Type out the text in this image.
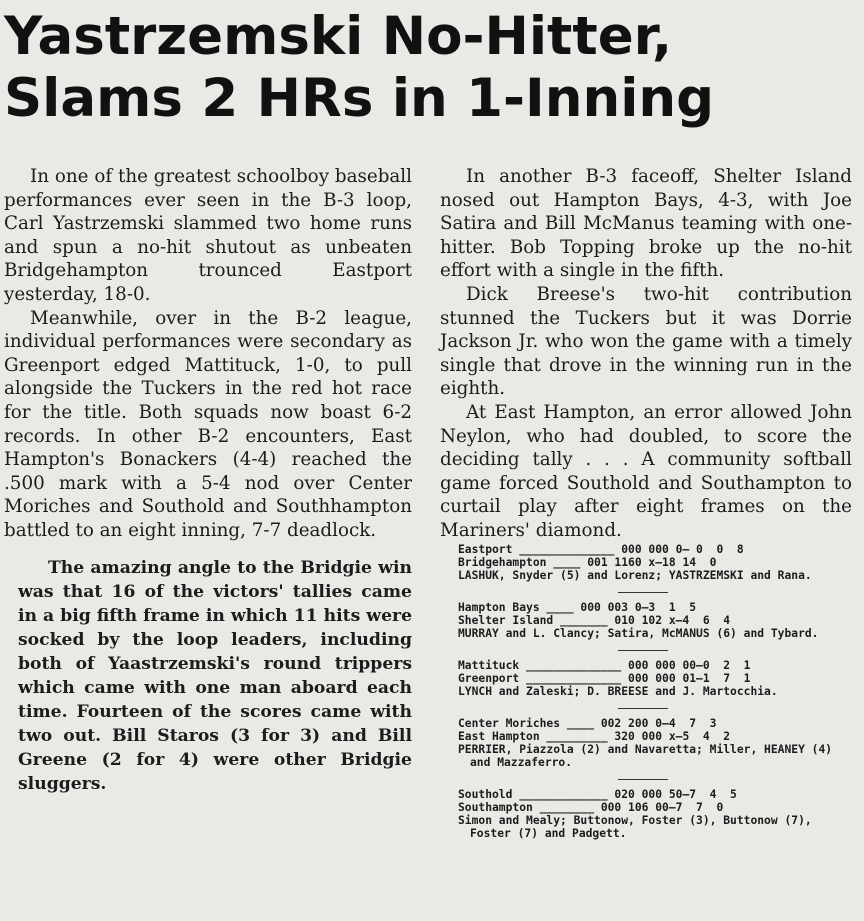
Yastrzemski No-Hitter,
Slams 2 HRs in 1-Inning

In one of the greatest schoolboy baseball performances ever seen in the B-3 loop, Carl Yastrzemski slammed two home runs and spun a no-hit shutout as unbeaten Bridgehampton trounced Eastport yesterday, 18-0.

Meanwhile, over in the B-2 league, individual performances were secondary as Greenport edged Mattituck, 1-0, to pull alongside the Tuckers in the red hot race for the title. Both squads now boast 6-2 records. In other B-2 encounters, East Hampton's Bonackers (4-4) reached the .500 mark with a 5-4 nod over Center Moriches and Southold and Southhampton battled to an eight inning, 7-7 deadlock.

The amazing angle to the Bridgie win was that 16 of the victors' tallies came in a big fifth frame in which 11 hits were socked by the loop leaders, including both of Yaastrzemski's round trippers which came with one man aboard each time. Fourteen of the scores came with two out. Bill Staros (3 for 3) and Bill Greene (2 for 4) were other Bridgie sluggers.

In another B-3 faceoff, Shelter Island nosed out Hampton Bays, 4-3, with Joe Satira and Bill McManus teaming with one-hitter. Bob Topping broke up the no-hit effort with a single in the fifth.

Dick Breese's two-hit contribution stunned the Tuckers but it was Dorrie Jackson Jr. who won the game with a timely single that drove in the winning run in the eighth.

At East Hampton, an error allowed John Neylon, who had doubled, to score the deciding tally . . . A community softball game forced Southold and Southampton to curtail play after eight frames on the Mariners' diamond.

Eastport ______________ 000 000 0— 0  0  8
Bridgehampton ____ 001 1160 x—18 14  0
LASHUK, Snyder (5) and Lorenz; YASTRZEMSKI and Rana.
Hampton Bays ____ 000 003 0—3  1  5
Shelter Island _______ 010 102 x—4  6  4
MURRAY and L. Clancy; Satira, McMANUS (6) and Tybard.
Mattituck ______________ 000 000 00—0  2  1
Greenport ______________ 000 000 01—1  7  1
LYNCH and Zaleski; D. BREESE and J. Martocchia.
Center Moriches ____ 002 200 0—4  7  3
East Hampton _________ 320 000 x—5  4  2
PERRIER, Piazzola (2) and Navaretta; Miller, HEANEY (4) and Mazzaferro.
Southold _____________ 020 000 50—7  4  5
Southampton ________ 000 106 00—7  7  0
Simon and Mealy; Buttonow, Foster (3), Buttonow (7), Foster (7) and Padgett.
